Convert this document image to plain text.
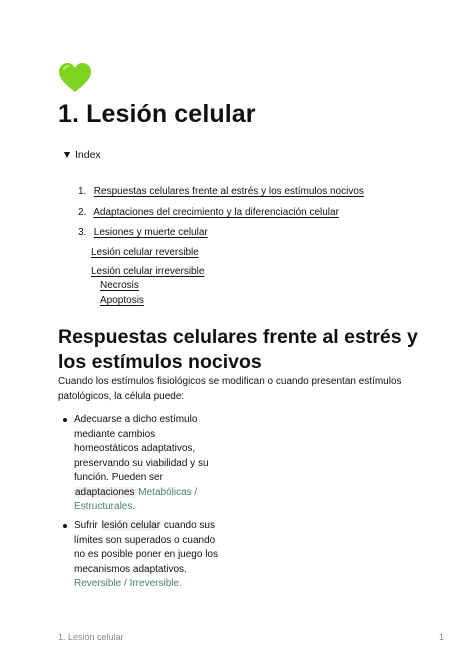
1. Lesión celular
Index
1. Respuestas celulares frente al estrés y los estímulos nocivos
2. Adaptaciones del crecimiento y la diferenciación celular
3. Lesiones y muerte celular
Lesión celular reversible
Lesión celular irreversible
Necrosis
Apoptosis
Respuestas celulares frente al estrés y los estímulos nocivos

Cuando los estímulos fisiológicos se modifican o cuando presentan estímulos patológicos, la célula puede:

Adecuarse a dicho estímulo mediante cambios homeostáticos adaptativos, preservando su viabilidad y su función. Pueden ser adaptaciones Metabólicas / Estructurales.
Sufrir lesión celular cuando sus límites son superados o cuando no es posible poner en juego los mecanismos adaptativos. Reversible / Irreversible.
1. Lesión celular	1
